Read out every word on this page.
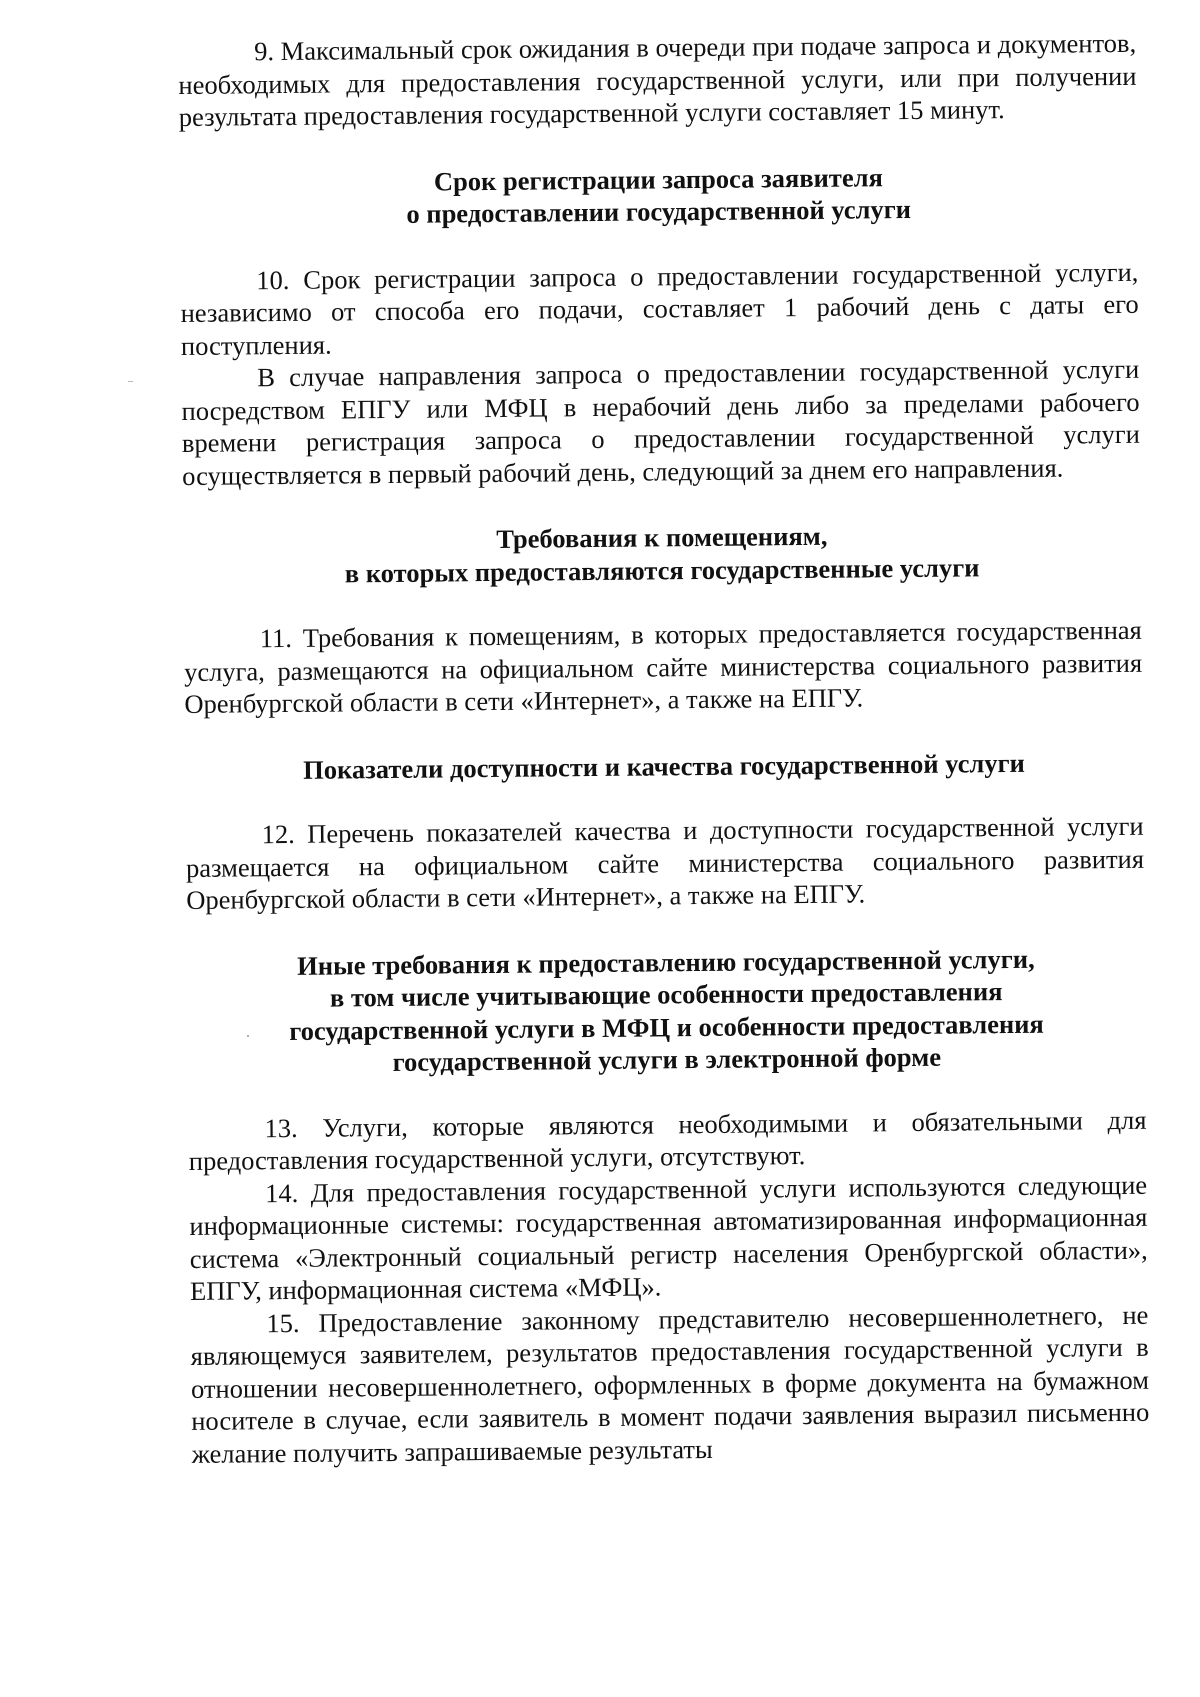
9. Максимальный срок ожидания в очереди при подаче запроса и документов, необходимых для предоставления государственной услуги, или при получении результата предоставления государственной услуги составляет 15 минут.

Срок регистрации запроса заявителя
о предоставлении государственной услуги

10. Срок регистрации запроса о предоставлении государственной услуги, независимо от способа его подачи, составляет 1 рабочий день с даты его поступления.

В случае направления запроса о предоставлении государственной услуги посредством ЕПГУ или МФЦ в нерабочий день либо за пределами рабочего времени регистрация запроса о предоставлении государственной услуги осуществляется в первый рабочий день, следующий за днем его направления.

Требования к помещениям,
в которых предоставляются государственные услуги

11. Требования к помещениям, в которых предоставляется государственная услуга, размещаются на официальном сайте министерства социального развития Оренбургской области в сети «Интернет», а также на ЕПГУ.

Показатели доступности и качества государственной услуги

12. Перечень показателей качества и доступности государственной услуги размещается на официальном сайте министерства социального развития Оренбургской области в сети «Интернет», а также на ЕПГУ.

Иные требования к предоставлению государственной услуги,
в том числе учитывающие особенности предоставления
государственной услуги в МФЦ и особенности предоставления
государственной услуги в электронной форме

13. Услуги, которые являются необходимыми и обязательными для предоставления государственной услуги, отсутствуют.

14. Для предоставления государственной услуги используются следующие информационные системы: государственная автоматизированная информационная система «Электронный социальный регистр населения Оренбургской области», ЕПГУ, информационная система «МФЦ».

15. Предоставление законному представителю несовершеннолетнего, не являющемуся заявителем, результатов предоставления государственной услуги в отношении несовершеннолетнего, оформленных в форме документа на бумажном носителе в случае, если заявитель в момент подачи заявления выразил письменно желание получить запрашиваемые результаты
